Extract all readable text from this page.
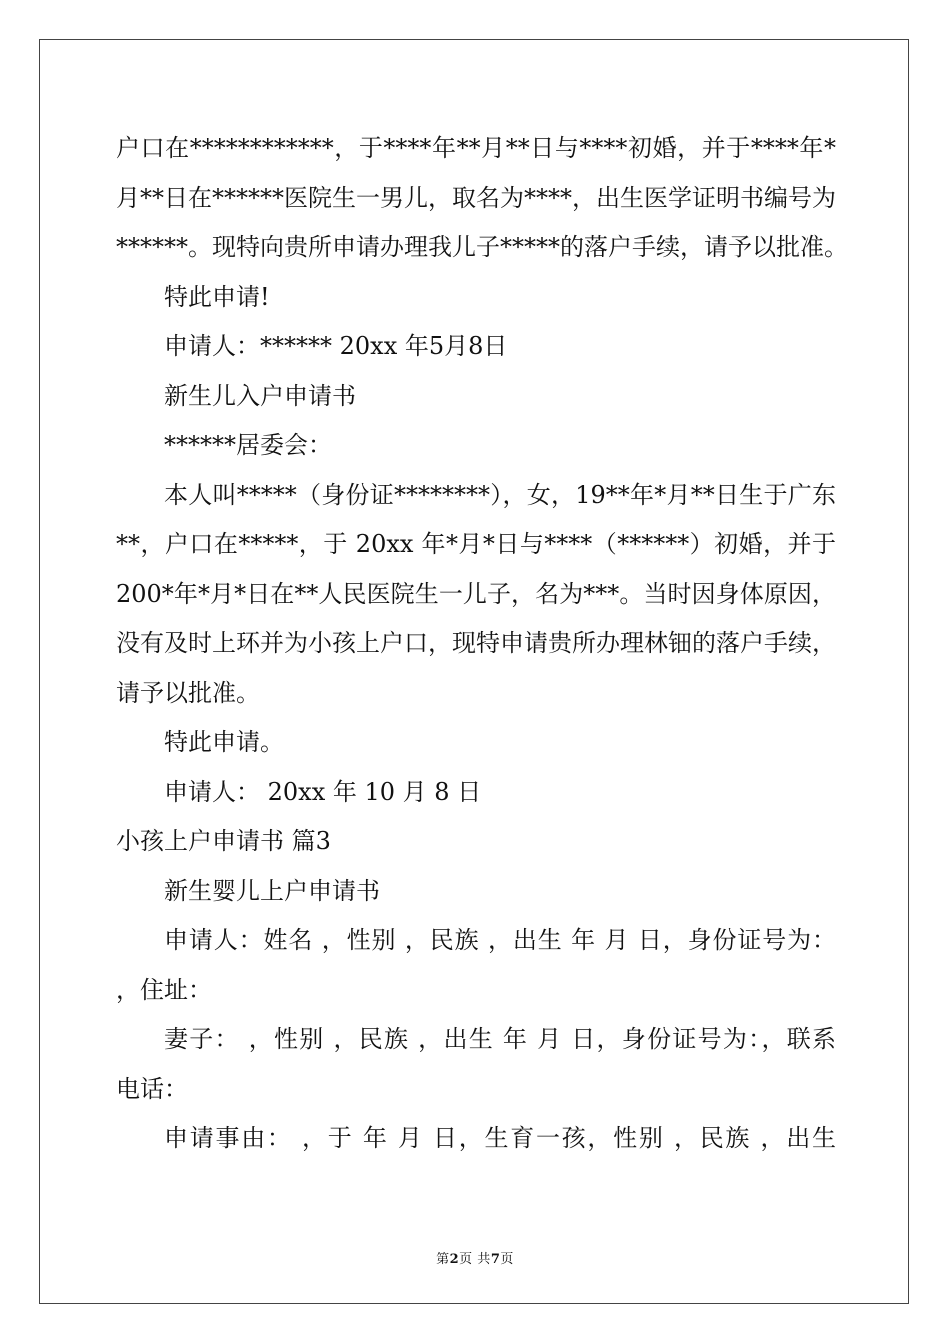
户口在************，于****年**月**日与****初婚，并于****年*
月**日在******医院生一男儿，取名为****，出生医学证明书编号为
******。现特向贵所申请办理我儿子*****的落户手续，请予以批准。
特此申请!
申请人：****** 20xx 年5月8日
新生儿入户申请书
******居委会：
本人叫*****（身份证********），女，19**年*月**日生于广东
**，户口在*****，于 20xx 年*月*日与****（******）初婚，并于
200*年*月*日在**人民医院生一儿子，名为***。当时因身体原因，
没有及时上环并为小孩上户口，现特申请贵所办理林钿的落户手续，
请予以批准。
特此申请。
申请人： 20xx 年 10 月 8 日
小孩上户申请书 篇3
新生婴儿上户申请书
申请人：姓名 ，性别 ，民族 ，出生 年 月 日，身份证号为：
，住址：
妻子： ，性别 ，民族 ，出生 年 月 日，身份证号为：，联系
电话：
申请事由： ，于 年 月 日，生育一孩，性别 ，民族 ，出生
第2页 共7页
